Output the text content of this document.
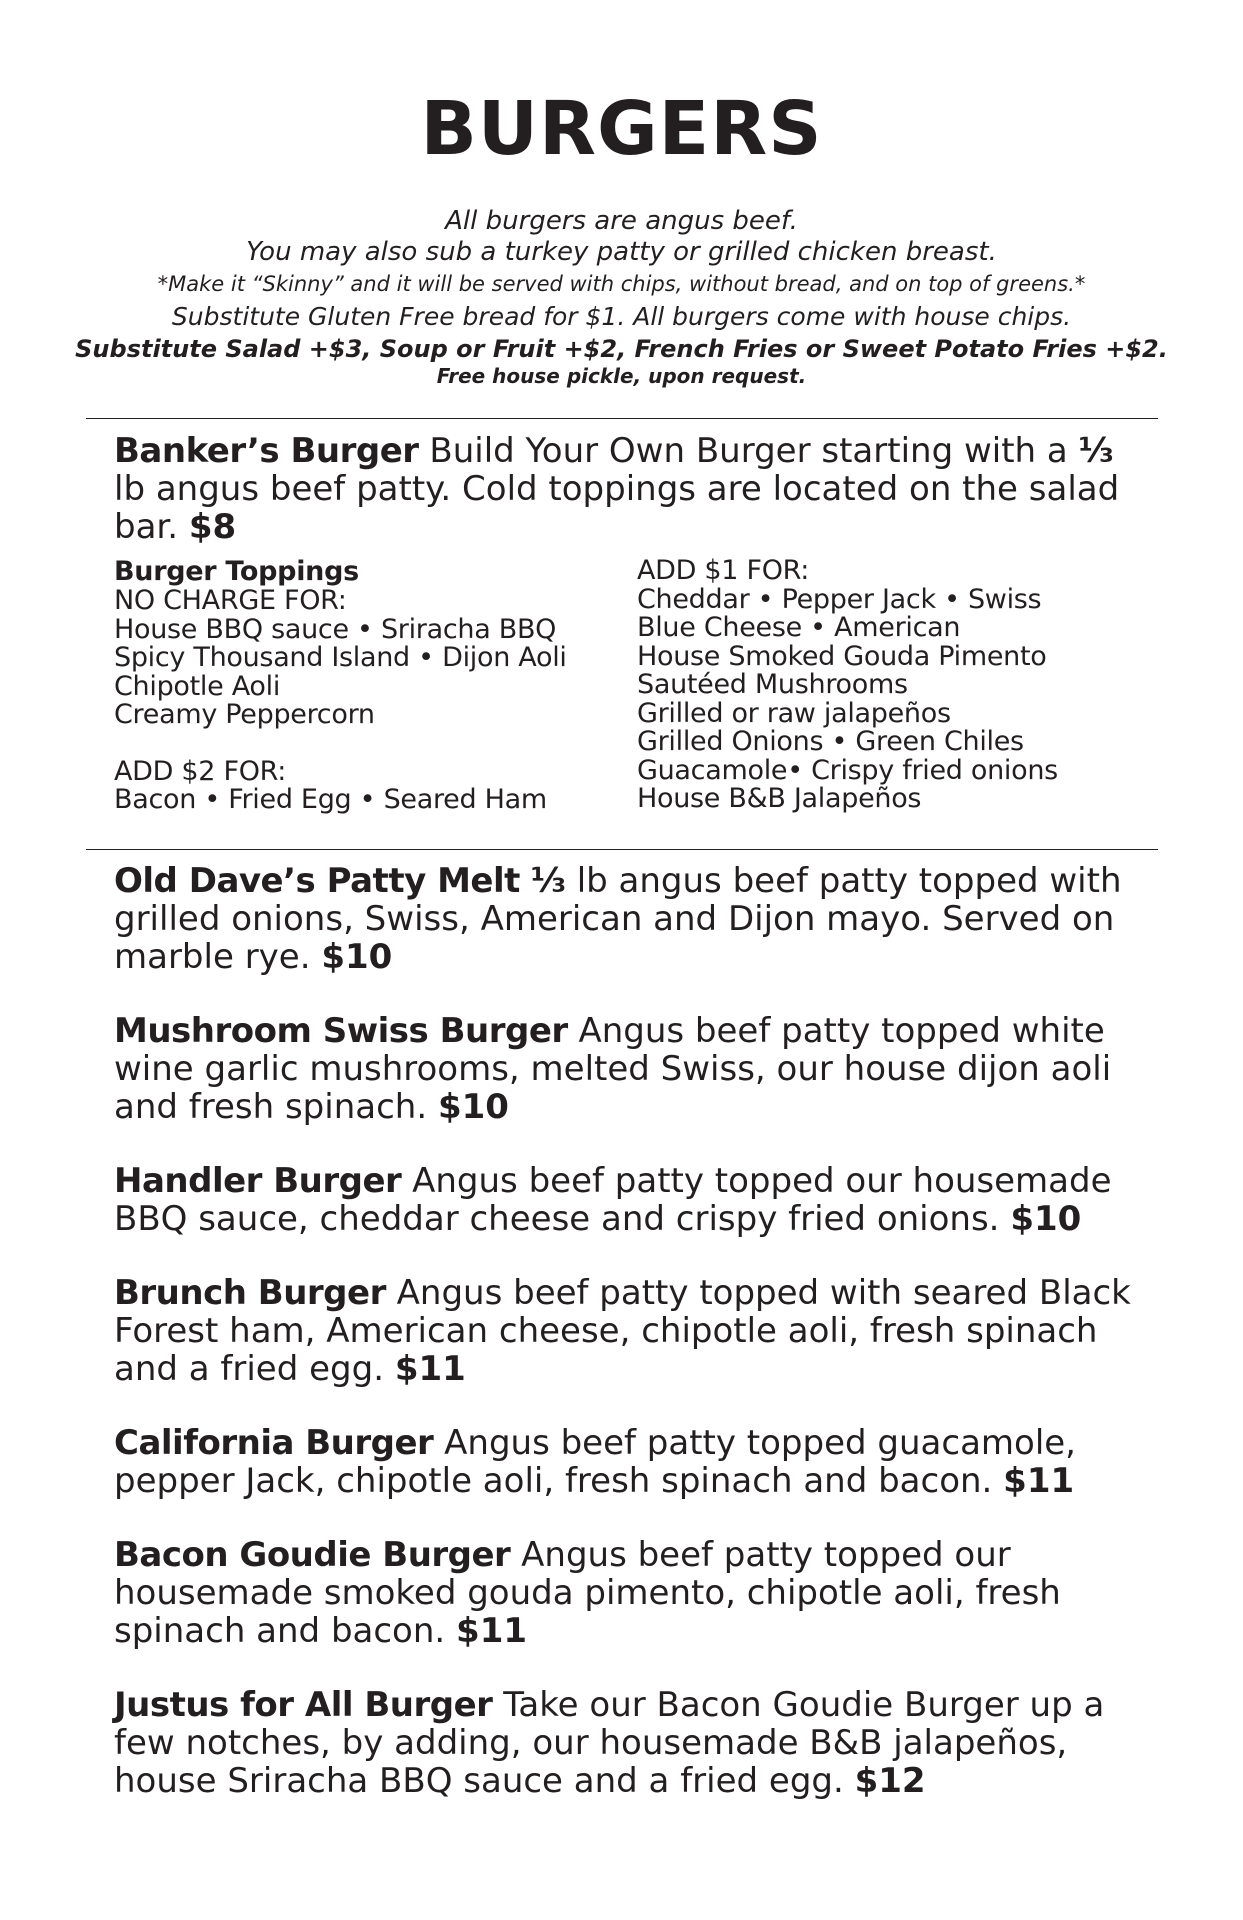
BURGERS
All burgers are angus beef.
You may also sub a turkey patty or grilled chicken breast.
*Make it “Skinny” and it will be served with chips, without bread, and on top of greens.*
Substitute Gluten Free bread for $1. All burgers come with house chips.
Substitute Salad +$3, Soup or Fruit +$2, French Fries or Sweet Potato Fries +$2.
Free house pickle, upon request.
Banker’s Burger Build Your Own Burger starting with a ⅓ lb angus beef patty. Cold toppings are located on the salad bar. $8
Burger Toppings
NO CHARGE FOR:
House BBQ sauce • Sriracha BBQ
Spicy Thousand Island • Dijon Aoli
Chipotle Aoli
Creamy Peppercorn
ADD $2 FOR:
Bacon • Fried Egg • Seared Ham
ADD $1 FOR:
Cheddar • Pepper Jack • Swiss
Blue Cheese • American
House Smoked Gouda Pimento
Sautéed Mushrooms
Grilled or raw jalapeños
Grilled Onions • Green Chiles
Guacamole• Crispy fried onions
House B&B Jalapeños
Old Dave’s Patty Melt ⅓ lb angus beef patty topped with grilled onions, Swiss, American and Dijon mayo. Served on marble rye. $10
Mushroom Swiss Burger Angus beef patty topped white wine garlic mushrooms, melted Swiss, our house dijon aoli and fresh spinach. $10
Handler Burger Angus beef patty topped our housemade BBQ sauce, cheddar cheese and crispy fried onions. $10
Brunch Burger Angus beef patty topped with seared Black Forest ham, American cheese, chipotle aoli, fresh spinach and a fried egg. $11
California Burger Angus beef patty topped guacamole, pepper Jack, chipotle aoli, fresh spinach and bacon. $11
Bacon Goudie Burger Angus beef patty topped our housemade smoked gouda pimento, chipotle aoli, fresh spinach and bacon. $11
Justus for All Burger Take our Bacon Goudie Burger up a few notches, by adding, our housemade B&B jalapeños, house Sriracha BBQ sauce and a fried egg. $12
